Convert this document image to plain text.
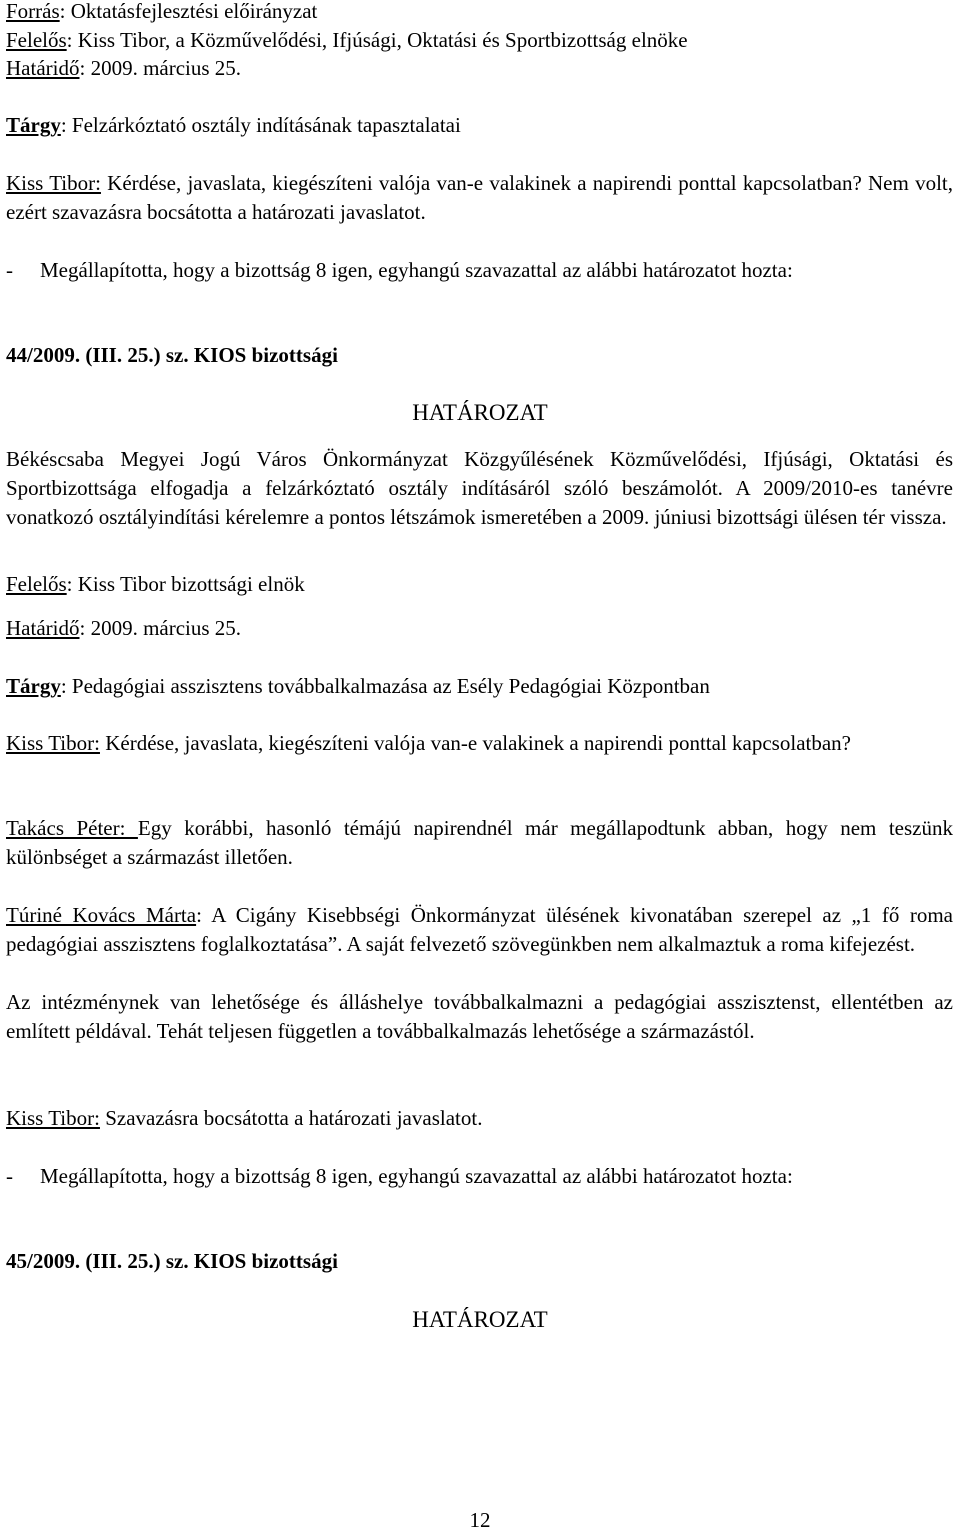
Forrás: Oktatásfejlesztési előirányzat
Felelős: Kiss Tibor, a Közművelődési, Ifjúsági, Oktatási és Sportbizottság elnöke
Határidő: 2009. március 25.
Tárgy: Felzárkóztató osztály indításának tapasztalatai
Kiss Tibor: Kérdése, javaslata, kiegészíteni valója van-e valakinek a napirendi ponttal kapcsolatban? Nem volt, ezért szavazásra bocsátotta a határozati javaslatot.
- Megállapította, hogy a bizottság 8 igen, egyhangú szavazattal az alábbi határozatot hozta:
44/2009. (III. 25.) sz. KIOS bizottsági
HATÁROZAT
Békéscsaba Megyei Jogú Város Önkormányzat Közgyűlésének Közművelődési, Ifjúsági, Oktatási és Sportbizottsága elfogadja a felzárkóztató osztály indításáról szóló beszámolót. A 2009/2010-es tanévre vonatkozó osztályindítási kérelemre a pontos létszámok ismeretében a 2009. júniusi bizottsági ülésen tér vissza.
Felelős: Kiss Tibor bizottsági elnök
Határidő: 2009. március 25.
Tárgy: Pedagógiai asszisztens továbbalkalmazása az Esély Pedagógiai Központban
Kiss Tibor: Kérdése, javaslata, kiegészíteni valója van-e valakinek a napirendi ponttal kapcsolatban?
Takács Péter: Egy korábbi, hasonló témájú napirendnél már megállapodtunk abban, hogy nem teszünk különbséget a származást illetően.
Túriné Kovács Márta: A Cigány Kisebbségi Önkormányzat ülésének kivonatában szerepel az „1 fő roma pedagógiai asszisztens foglalkoztatása”. A saját felvezető szövegünkben nem alkalmaztuk a roma kifejezést.
Az intézménynek van lehetősége és álláshelye továbbalkalmazni a pedagógiai asszisztenst, ellentétben az említett példával. Tehát teljesen független a továbbalkalmazás lehetősége a származástól.
Kiss Tibor: Szavazásra bocsátotta a határozati javaslatot.
- Megállapította, hogy a bizottság 8 igen, egyhangú szavazattal az alábbi határozatot hozta:
45/2009. (III. 25.) sz. KIOS bizottsági
HATÁROZAT
12
